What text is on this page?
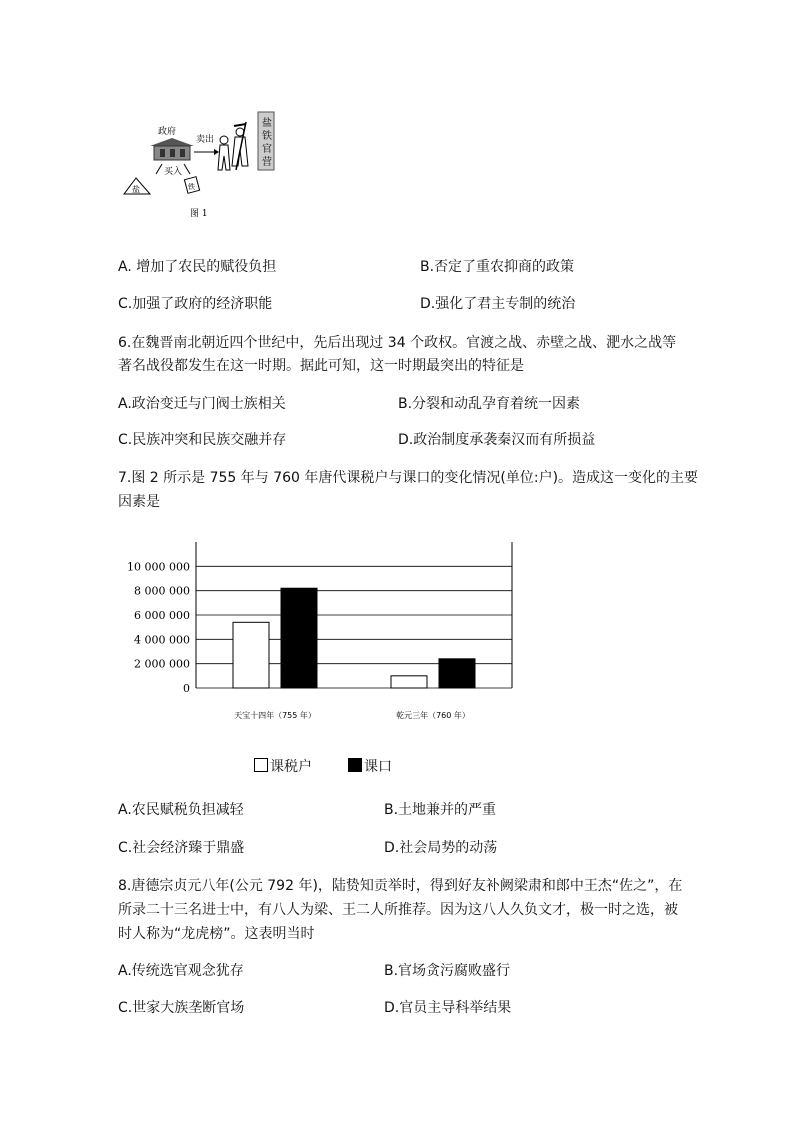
政府
卖出
盐
铁
官
营
买入
盐	铁
图 1
A. 增加了农民的赋役负担	B.否定了重农抑商的政策
C.加强了政府的经济职能	D.强化了君主专制的统治
6.在魏晋南北朝近四个世纪中，先后出现过 34 个政权。官渡之战、赤壁之战、淝水之战等
著名战役都发生在这一时期。据此可知，这一时期最突出的特征是
A.政治变迁与门阀士族相关	B.分裂和动乱孕育着统一因素
C.民族冲突和民族交融并存	D.政治制度承袭秦汉而有所损益
7.图 2 所示是 755 年与 760 年唐代课税户与课口的变化情况(单位:户)。造成这一变化的主要
因素是
0
2 000 000
4 000 000
6 000 000
8 000 000
10 000 000
天宝十四年（755 年）	乾元三年（760 年）
课税户	课口
A.农民赋税负担减轻	B.土地兼并的严重
C.社会经济臻于鼎盛	D.社会局势的动荡
8.唐德宗贞元八年(公元 792 年)，陆贽知贡举时，得到好友补阙梁肃和郎中王杰“佐之”，在
所录二十三名进士中，有八人为梁、王二人所推荐。因为这八人久负文才，极一时之选，被
时人称为“龙虎榜”。这表明当时
A.传统选官观念犹存	B.官场贪污腐败盛行
C.世家大族垄断官场	D.官员主导科举结果
